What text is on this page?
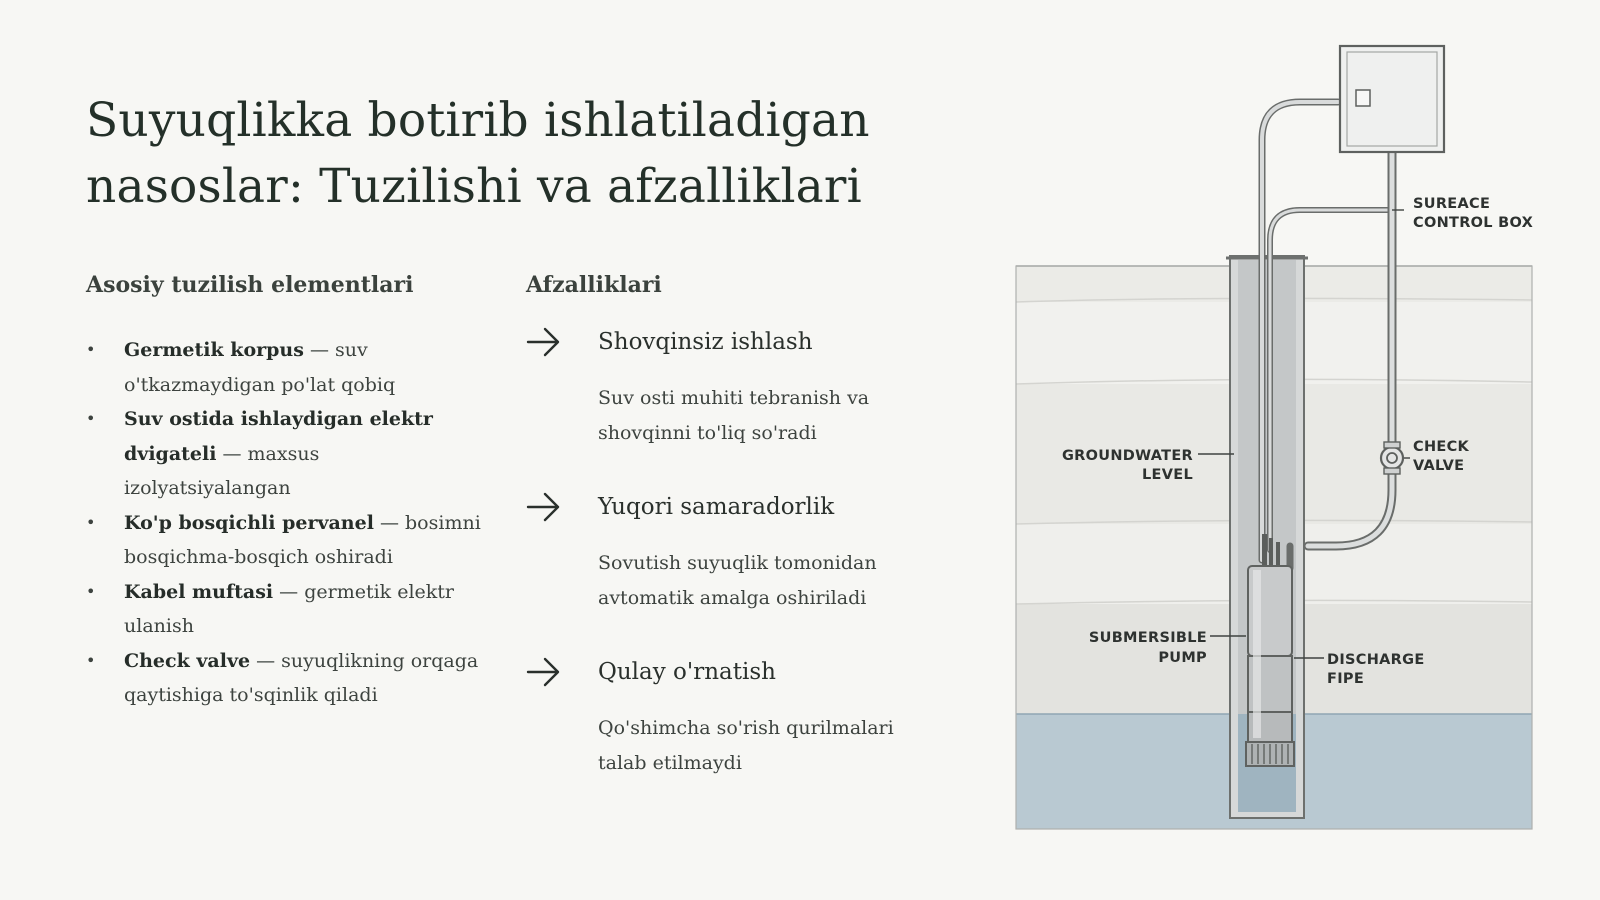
Suyuqlikka botirib ishlatiladigan
nasoslar: Tuzilishi va afzalliklari
Asosiy tuzilish elementlari	Afzalliklari
• Germetik korpus — suv o'tkazmaydigan po'lat qobiq
• Suv ostida ishlaydigan elektr dvigateli — maxsus izolyatsiyalangan
• Ko'p bosqichli pervanel — bosimni bosqichma-bosqich oshiradi
• Kabel muftasi — germetik elektr ulanish
• Check valve — suyuqlikning orqaga qaytishiga to'sqinlik qiladi
Shovqinsiz ishlash
Suv osti muhiti tebranish va shovqinni to'liq so'radi
Yuqori samaradorlik
Sovutish suyuqlik tomonidan avtomatik amalga oshiriladi
Qulay o'rnatish
Qo'shimcha so'rish qurilmalari talab etilmaydi
SUREACE
CONTROL BOX
CHECK
VALVE
GROUNDWATER
LEVEL
SUBMERSIBLE
PUMP	DISCHARGE
FIPE
